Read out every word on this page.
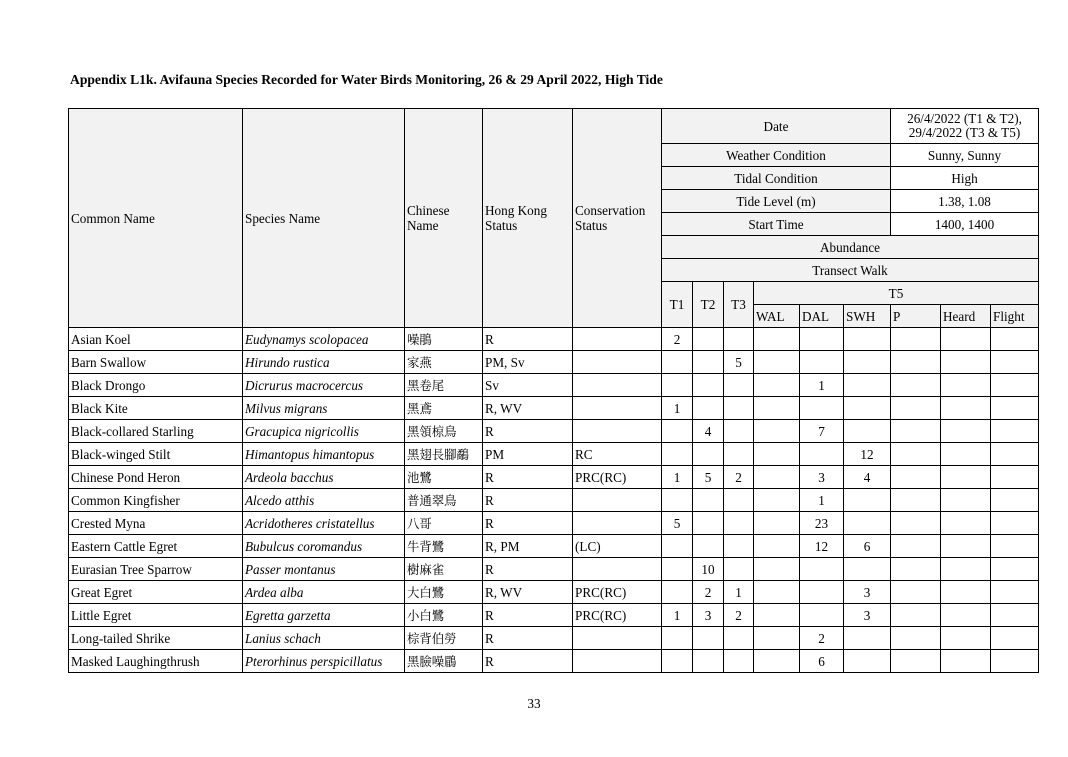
Appendix L1k. Avifauna Species Recorded for Water Birds Monitoring, 26 & 29 April 2022, High Tide
Common Name	Species Name	Chinese Name	Hong Kong Status	Conservation Status	Date						26/4/2022 (T1 & T2), 29/4/2022 (T3 & T5)		
					Weather Condition						Sunny, Sunny		
					Tidal Condition						High		
					Tide Level (m)						1.38, 1.08		
					Start Time						1400, 1400		
					Abundance								
					Transect Walk								
					T1	T2	T3	T5					
								WAL	DAL	SWH	P	Heard	Flight
Asian Koel	Eudynamys scolopacea	噪鵑	R		2								
Barn Swallow	Hirundo rustica	家燕	PM, Sv				5						
Black Drongo	Dicrurus macrocercus	黑卷尾	Sv						1				
Black Kite	Milvus migrans	黑鳶	R, WV		1								
Black-collared Starling	Gracupica nigricollis	黑領椋鳥	R			4			7				
Black-winged Stilt	Himantopus himantopus	黑翅長腳鷸	PM	RC						12			
Chinese Pond Heron	Ardeola bacchus	池鷺	R	PRC(RC)	1	5	2		3	4			
Common Kingfisher	Alcedo atthis	普通翠鳥	R						1				
Crested Myna	Acridotheres cristatellus	八哥	R		5				23				
Eastern Cattle Egret	Bubulcus coromandus	牛背鷺	R, PM	(LC)					12	6			
Eurasian Tree Sparrow	Passer montanus	樹麻雀	R			10							
Great Egret	Ardea alba	大白鷺	R, WV	PRC(RC)		2	1			3			
Little Egret	Egretta garzetta	小白鷺	R	PRC(RC)	1	3	2			3			
Long-tailed Shrike	Lanius schach	棕背伯勞	R						2				
Masked Laughingthrush	Pterorhinus perspicillatus	黑臉噪鶥	R						6				
33
